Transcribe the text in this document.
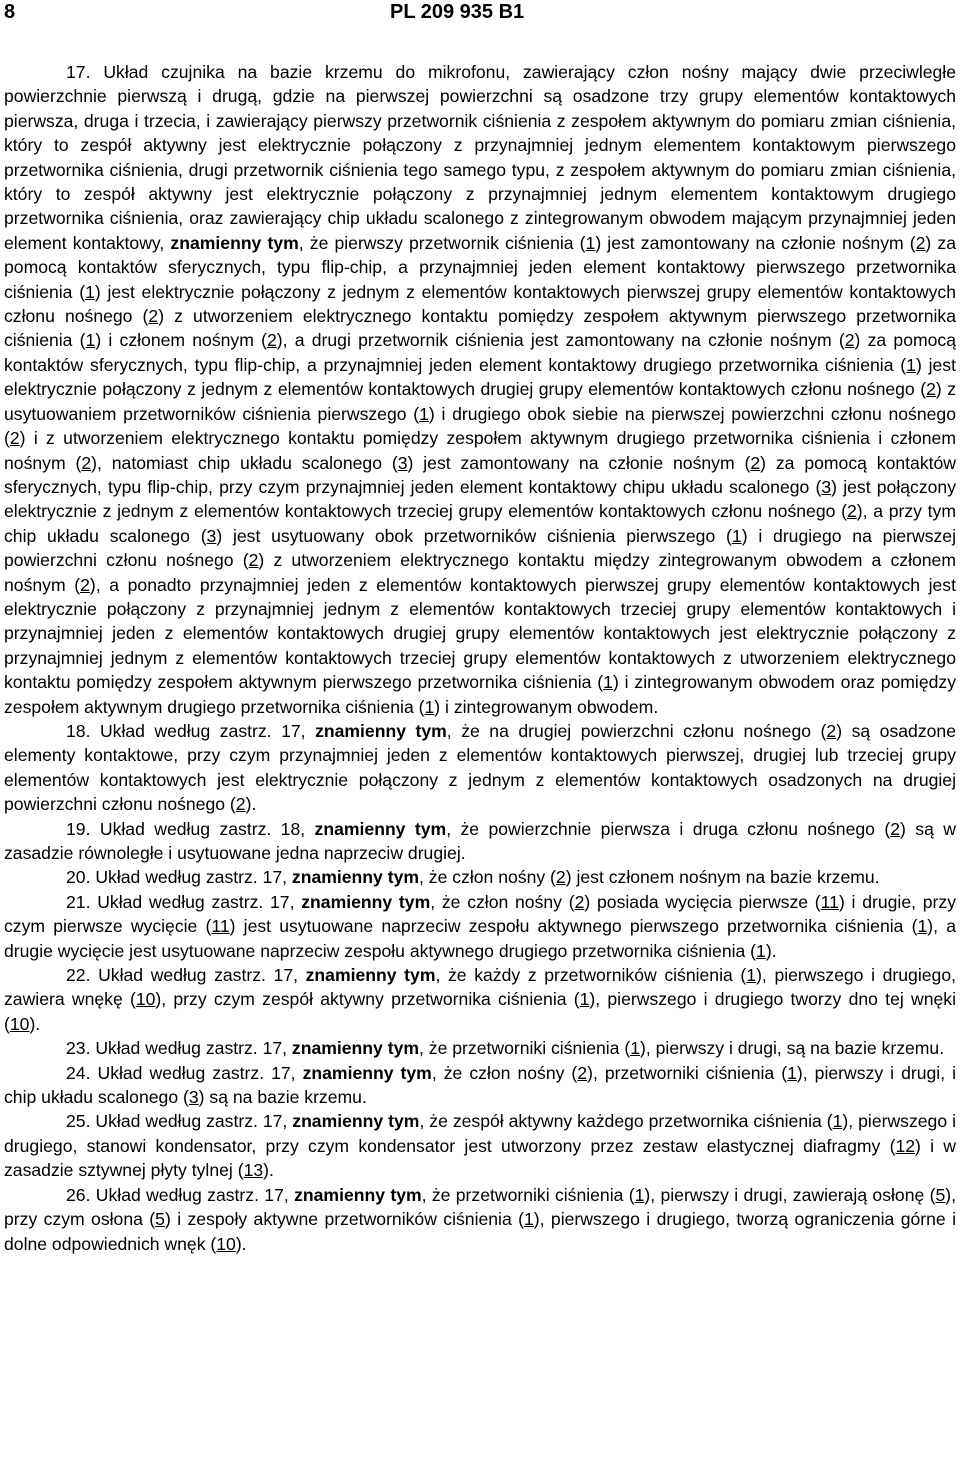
8	PL 209 935 B1

17. Układ czujnika na bazie krzemu do mikrofonu, zawierający człon nośny mający dwie przeciwległe powierzchnie pierwszą i drugą, gdzie na pierwszej powierzchni są osadzone trzy grupy elementów kontaktowych pierwsza, druga i trzecia, i zawierający pierwszy przetwornik ciśnienia z zespołem aktywnym do pomiaru zmian ciśnienia, który to zespół aktywny jest elektrycznie połączony z przynajmniej jednym elementem kontaktowym pierwszego przetwornika ciśnienia, drugi przetwornik ciśnienia tego samego typu, z zespołem aktywnym do pomiaru zmian ciśnienia, który to zespół aktywny jest elektrycznie połączony z przynajmniej jednym elementem kontaktowym drugiego przetwornika ciśnienia, oraz zawierający chip układu scalonego z zintegrowanym obwodem mającym przynajmniej jeden element kontaktowy, znamienny tym, że pierwszy przetwornik ciśnienia (1) jest zamontowany na członie nośnym (2) za pomocą kontaktów sferycznych, typu flip-chip, a przynajmniej jeden element kontaktowy pierwszego przetwornika ciśnienia (1) jest elektrycznie połączony z jednym z elementów kontaktowych pierwszej grupy elementów kontaktowych członu nośnego (2) z utworzeniem elektrycznego kontaktu pomiędzy zespołem aktywnym pierwszego przetwornika ciśnienia (1) i członem nośnym (2), a drugi przetwornik ciśnienia jest zamontowany na członie nośnym (2) za pomocą kontaktów sferycznych, typu flip-chip, a przynajmniej jeden element kontaktowy drugiego przetwornika ciśnienia (1) jest elektrycznie połączony z jednym z elementów kontaktowych drugiej grupy elementów kontaktowych członu nośnego (2) z usytuowaniem przetworników ciśnienia pierwszego (1) i drugiego obok siebie na pierwszej powierzchni członu nośnego (2) i z utworzeniem elektrycznego kontaktu pomiędzy zespołem aktywnym drugiego przetwornika ciśnienia i członem nośnym (2), natomiast chip układu scalonego (3) jest zamontowany na członie nośnym (2) za pomocą kontaktów sferycznych, typu flip-chip, przy czym przynajmniej jeden element kontaktowy chipu układu scalonego (3) jest połączony elektrycznie z jednym z elementów kontaktowych trzeciej grupy elementów kontaktowych członu nośnego (2), a przy tym chip układu scalonego (3) jest usytuowany obok przetworników ciśnienia pierwszego (1) i drugiego na pierwszej powierzchni członu nośnego (2) z utworzeniem elektrycznego kontaktu między zintegrowanym obwodem a członem nośnym (2), a ponadto przynajmniej jeden z elementów kontaktowych pierwszej grupy elementów kontaktowych jest elektrycznie połączony z przynajmniej jednym z elementów kontaktowych trzeciej grupy elementów kontaktowych i przynajmniej jeden z elementów kontaktowych drugiej grupy elementów kontaktowych jest elektrycznie połączony z przynajmniej jednym z elementów kontaktowych trzeciej grupy elementów kontaktowych z utworzeniem elektrycznego kontaktu pomiędzy zespołem aktywnym pierwszego przetwornika ciśnienia (1) i zintegrowanym obwodem oraz pomiędzy zespołem aktywnym drugiego przetwornika ciśnienia (1) i zintegrowanym obwodem.

18. Układ według zastrz. 17, znamienny tym, że na drugiej powierzchni członu nośnego (2) są osadzone elementy kontaktowe, przy czym przynajmniej jeden z elementów kontaktowych pierwszej, drugiej lub trzeciej grupy elementów kontaktowych jest elektrycznie połączony z jednym z elementów kontaktowych osadzonych na drugiej powierzchni członu nośnego (2).

19. Układ według zastrz. 18, znamienny tym, że powierzchnie pierwsza i druga członu nośnego (2) są w zasadzie równoległe i usytuowane jedna naprzeciw drugiej.

20. Układ według zastrz. 17, znamienny tym, że człon nośny (2) jest członem nośnym na bazie krzemu.

21. Układ według zastrz. 17, znamienny tym, że człon nośny (2) posiada wycięcia pierwsze (11) i drugie, przy czym pierwsze wycięcie (11) jest usytuowane naprzeciw zespołu aktywnego pierwszego przetwornika ciśnienia (1), a drugie wycięcie jest usytuowane naprzeciw zespołu aktywnego drugiego przetwornika ciśnienia (1).

22. Układ według zastrz. 17, znamienny tym, że każdy z przetworników ciśnienia (1), pierwszego i drugiego, zawiera wnękę (10), przy czym zespół aktywny przetwornika ciśnienia (1), pierwszego i drugiego tworzy dno tej wnęki (10).

23. Układ według zastrz. 17, znamienny tym, że przetworniki ciśnienia (1), pierwszy i drugi, są na bazie krzemu.

24. Układ według zastrz. 17, znamienny tym, że człon nośny (2), przetworniki ciśnienia (1), pierwszy i drugi, i chip układu scalonego (3) są na bazie krzemu.

25. Układ według zastrz. 17, znamienny tym, że zespół aktywny każdego przetwornika ciśnienia (1), pierwszego i drugiego, stanowi kondensator, przy czym kondensator jest utworzony przez zestaw elastycznej diafragmy (12) i w zasadzie sztywnej płyty tylnej (13).

26. Układ według zastrz. 17, znamienny tym, że przetworniki ciśnienia (1), pierwszy i drugi, zawierają osłonę (5), przy czym osłona (5) i zespoły aktywne przetworników ciśnienia (1), pierwszego i drugiego, tworzą ograniczenia górne i dolne odpowiednich wnęk (10).
